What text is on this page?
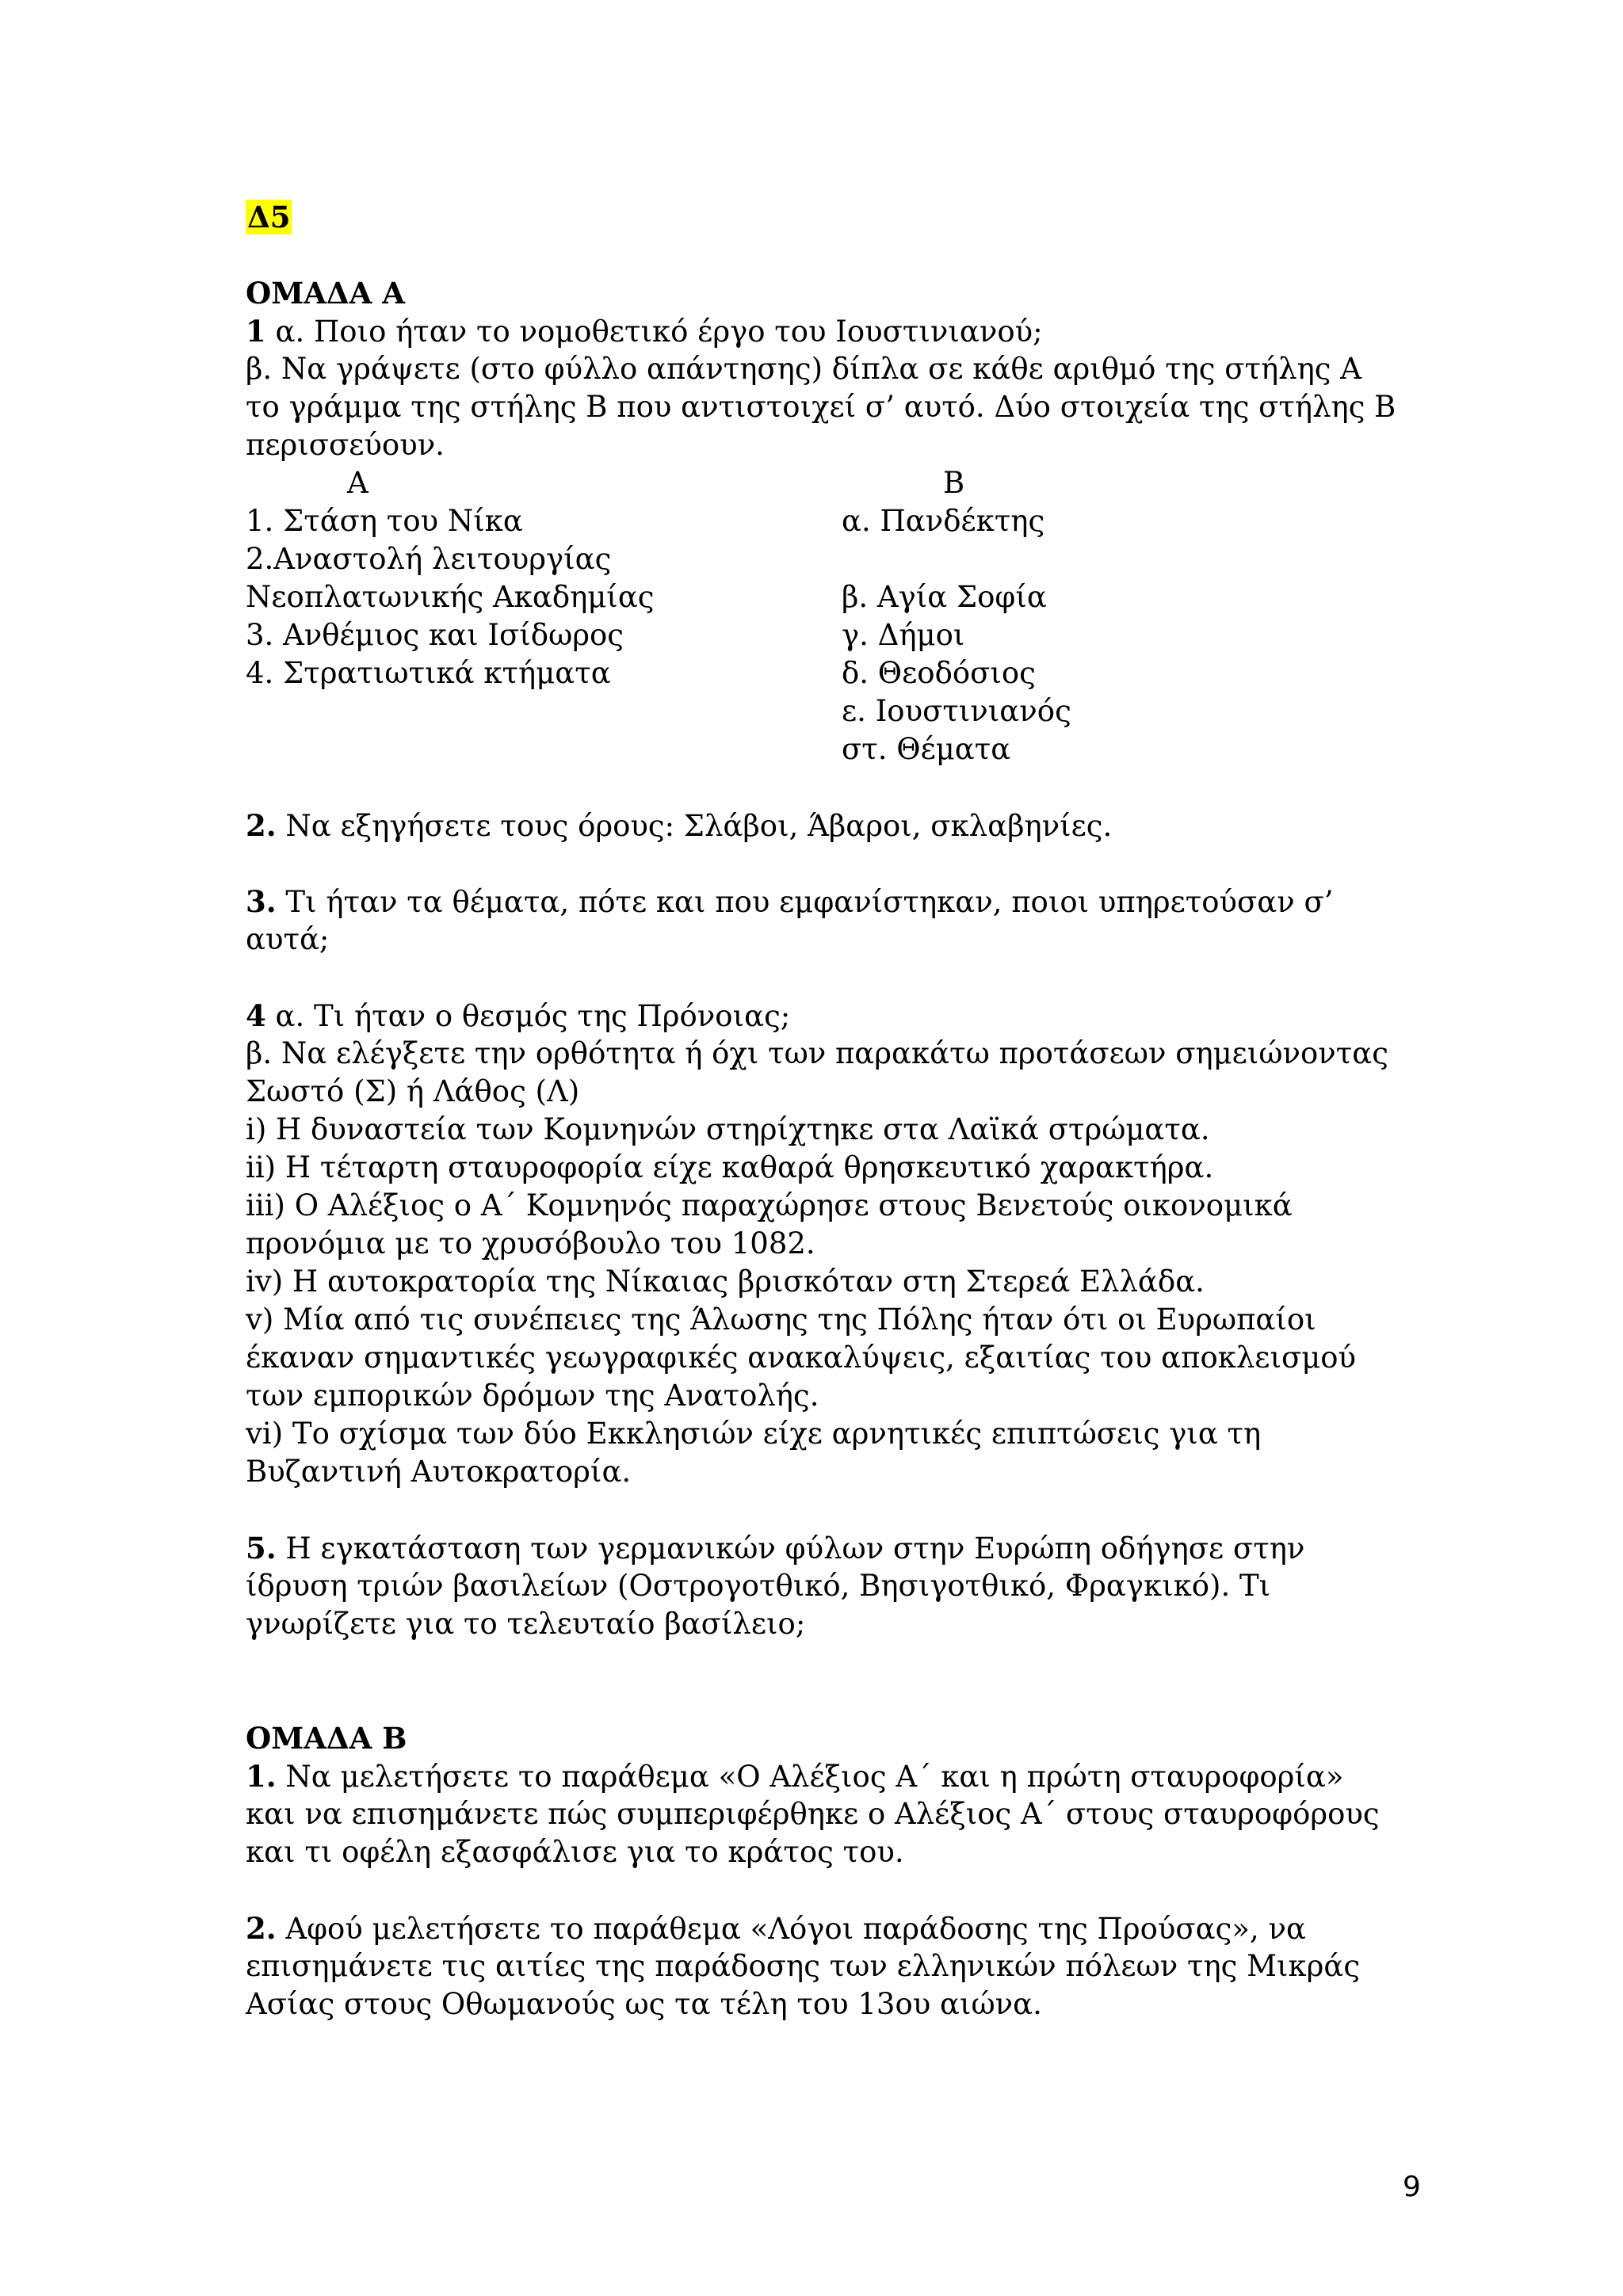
Δ5
ΟΜΑΔΑ Α
1 α. Ποιο ήταν το νομοθετικό έργο του Ιουστινιανού;
β. Να γράψετε (στο φύλλο απάντησης) δίπλα σε κάθε αριθμό της στήλης Α
το γράμμα της στήλης Β που αντιστοιχεί σ’ αυτό. Δύο στοιχεία της στήλης Β
περισσεύουν.
Α	Β
1. Στάση του Νίκα
2.Αναστολή λειτουργίας
Νεοπλατωνικής Ακαδημίας
3. Ανθέμιος και Ισίδωρος
4. Στρατιωτικά κτήματα
α. Πανδέκτης
β. Αγία Σοφία
γ. Δήμοι
δ. Θεοδόσιος
ε. Ιουστινιανός
στ. Θέματα
2. Να εξηγήσετε τους όρους: Σλάβοι, Άβαροι, σκλαβηνίες.
3. Τι ήταν τα θέματα, πότε και που εμφανίστηκαν, ποιοι υπηρετούσαν σ’
αυτά;
4 α. Τι ήταν ο θεσμός της Πρόνοιας;
β. Να ελέγξετε την ορθότητα ή όχι των παρακάτω προτάσεων σημειώνοντας
Σωστό (Σ) ή Λάθος (Λ)
i) Η δυναστεία των Κομνηνών στηρίχτηκε στα Λαϊκά στρώματα.
ii) Η τέταρτη σταυροφορία είχε καθαρά θρησκευτικό χαρακτήρα.
iii) Ο Αλέξιος ο Α΄ Κομνηνός παραχώρησε στους Βενετούς οικονομικά
προνόμια με το χρυσόβουλο του 1082.
iv) Η αυτοκρατορία της Νίκαιας βρισκόταν στη Στερεά Ελλάδα.
v) Μία από τις συνέπειες της Άλωσης της Πόλης ήταν ότι οι Ευρωπαίοι
έκαναν σημαντικές γεωγραφικές ανακαλύψεις, εξαιτίας του αποκλεισμού
των εμπορικών δρόμων της Ανατολής.
vi) Το σχίσμα των δύο Εκκλησιών είχε αρνητικές επιπτώσεις για τη
Βυζαντινή Αυτοκρατορία.
5. Η εγκατάσταση των γερμανικών φύλων στην Ευρώπη οδήγησε στην
ίδρυση τριών βασιλείων (Οστρογοτθικό, Βησιγοτθικό, Φραγκικό). Τι
γνωρίζετε για το τελευταίο βασίλειο;
ΟΜΑΔΑ Β
1. Να μελετήσετε το παράθεμα «Ο Αλέξιος Α΄ και η πρώτη σταυροφορία»
και να επισημάνετε πώς συμπεριφέρθηκε ο Αλέξιος Α΄ στους σταυροφόρους
και τι οφέλη εξασφάλισε για το κράτος του.
2. Αφού μελετήσετε το παράθεμα «Λόγοι παράδοσης της Προύσας», να
επισημάνετε τις αιτίες της παράδοσης των ελληνικών πόλεων της Μικράς
Ασίας στους Οθωμανούς ως τα τέλη του 13ου αιώνα.
9
